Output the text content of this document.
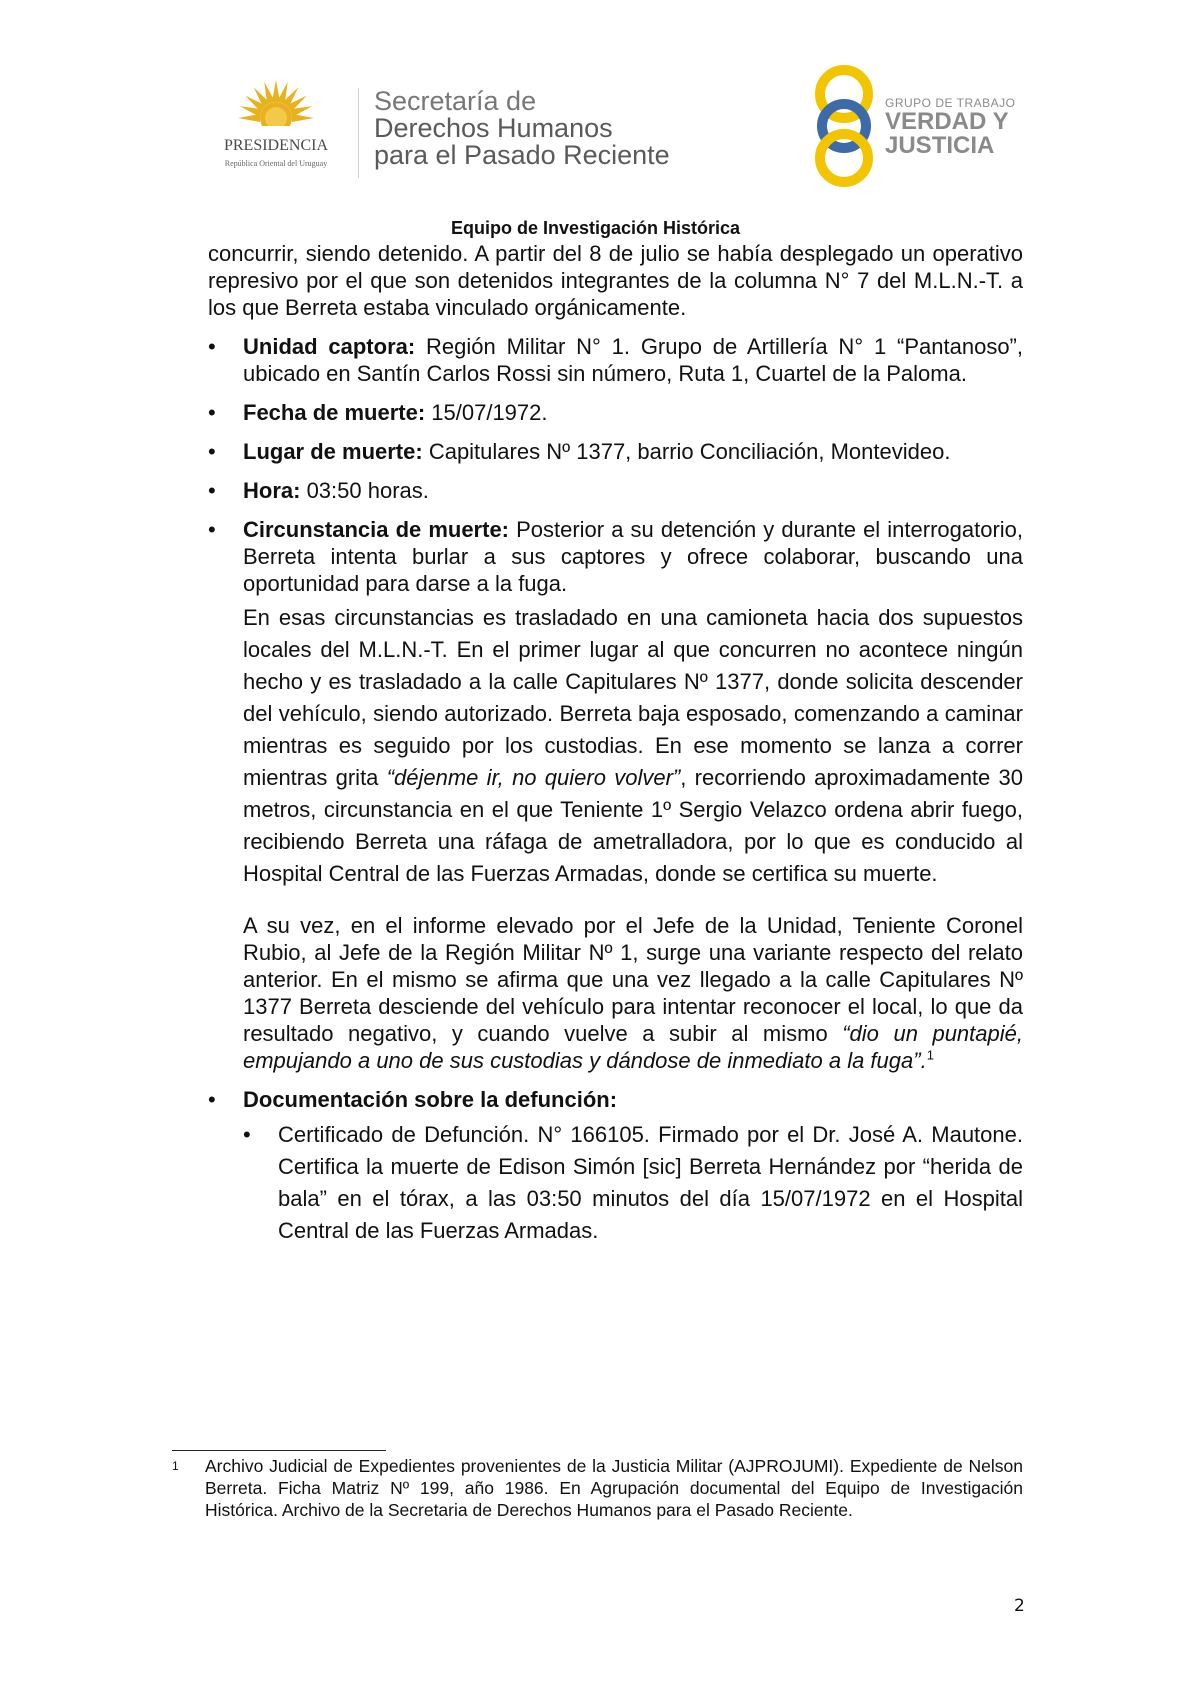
PRESIDENCIA
República Oriental del Uruguay
Secretaría de
Derechos Humanos
para el Pasado Reciente
GRUPO DE TRABAJO
VERDAD Y
JUSTICIA
Equipo de Investigación Histórica

concurrir, siendo detenido. A partir del 8 de julio se había desplegado un operativo represivo por el que son detenidos integrantes de la columna N° 7 del M.L.N.-T. a los que Berreta estaba vinculado orgánicamente.

• Unidad captora: Región Militar N° 1. Grupo de Artillería N° 1 “Pantanoso”, ubicado en Santín Carlos Rossi sin número, Ruta 1, Cuartel de la Paloma.
• Fecha de muerte: 15/07/1972.
• Lugar de muerte: Capitulares Nº 1377, barrio Conciliación, Montevideo.
• Hora: 03:50 horas.
• Circunstancia de muerte: Posterior a su detención y durante el interrogatorio, Berreta intenta burlar a sus captores y ofrece colaborar, buscando una oportunidad para darse a la fuga.
En esas circunstancias es trasladado en una camioneta hacia dos supuestos locales del M.L.N.-T. En el primer lugar al que concurren no acontece ningún hecho y es trasladado a la calle Capitulares Nº 1377, donde solicita descender del vehículo, siendo autorizado. Berreta baja esposado, comenzando a caminar mientras es seguido por los custodias. En ese momento se lanza a correr mientras grita “déjenme ir, no quiero volver”, recorriendo aproximadamente 30 metros, circunstancia en el que Teniente 1º Sergio Velazco ordena abrir fuego, recibiendo Berreta una ráfaga de ametralladora, por lo que es conducido al Hospital Central de las Fuerzas Armadas, donde se certifica su muerte.
A su vez, en el informe elevado por el Jefe de la Unidad, Teniente Coronel Rubio, al Jefe de la Región Militar Nº 1, surge una variante respecto del relato anterior. En el mismo se afirma que una vez llegado a la calle Capitulares Nº 1377 Berreta desciende del vehículo para intentar reconocer el local, lo que da resultado negativo, y cuando vuelve a subir al mismo “dio un puntapié, empujando a uno de sus custodias y dándose de inmediato a la fuga”.$^1$
• Documentación sobre la defunción:
• Certificado de Defunción. N° 166105. Firmado por el Dr. José A. Mautone. Certifica la muerte de Edison Simón [sic] Berreta Hernández por “herida de bala” en el tórax, a las 03:50 minutos del día 15/07/1972 en el Hospital Central de las Fuerzas Armadas.
1 Archivo Judicial de Expedientes provenientes de la Justicia Militar (AJPROJUMI). Expediente de Nelson Berreta. Ficha Matriz Nº 199, año 1986. En Agrupación documental del Equipo de Investigación Histórica. Archivo de la Secretaria de Derechos Humanos para el Pasado Reciente.
2
